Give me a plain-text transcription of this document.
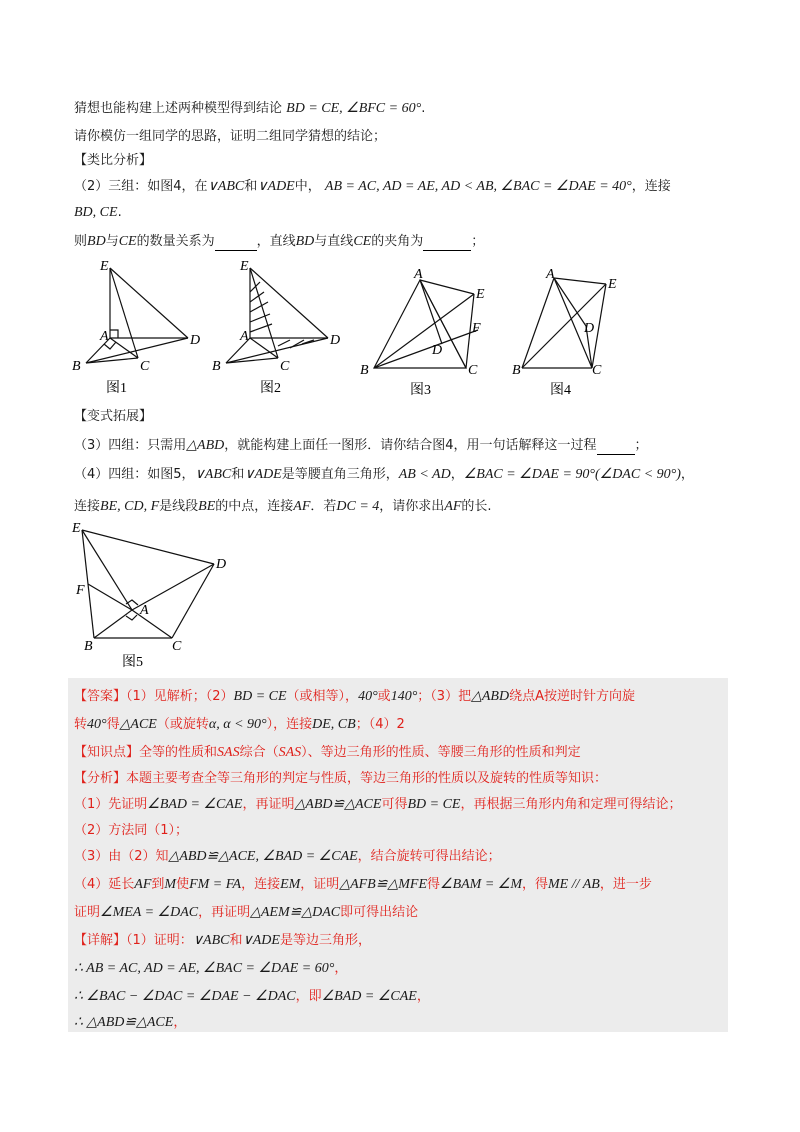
猜想也能构建上述两种模型得到结论 BD = CE, ∠BFC = 60°.
请你模仿一组同学的思路，证明二组同学猜想的结论；
【类比分析】
（2）三组：如图4，在∨ABC和∨ADE中， AB = AC, AD = AE, AD < AB, ∠BAC = ∠DAE = 40°，连接
BD, CE.
则BD与CE的数量关系为	，直线BD与直线CE的夹角为	；
E
A	D
B	C
图1
E
A	D
B	C
图2
A
E
F
D
B	C
图3
A
E
D
B	C
图4
【变式拓展】
（3）四组：只需用△ABD，就能构建上面任一图形．请你结合图4，用一句话解释这一过程	；
（4）四组：如图5，∨ABC和∨ADE是等腰直角三角形，AB < AD，∠BAC = ∠DAE = 90°(∠DAC < 90°)，
连接BE, CD, F是线段BE的中点，连接AF．若DC = 4，请你求出AF的长.
E
D
F
A
B	C
图5
【答案】（1）见解析；（2）BD = CE（或相等），40°或140°；（3）把△ABD绕点A按逆时针方向旋
转40°得△ACE（或旋转α, α < 90°），连接DE, CB；（4）2
【知识点】全等的性质和SAS综合（SAS）、等边三角形的性质、等腰三角形的性质和判定
【分析】本题主要考查全等三角形的判定与性质，等边三角形的性质以及旋转的性质等知识：
（1）先证明∠BAD = ∠CAE，再证明△ABD≌△ACE可得BD = CE，再根据三角形内角和定理可得结论；
（2）方法同（1）；
（3）由（2）知△ABD≌△ACE, ∠BAD = ∠CAE，结合旋转可得出结论；
（4）延长AF到M使FM = FA，连接EM，证明△AFB≌△MFE得∠BAM = ∠M，得ME // AB，进一步
证明∠MEA = ∠DAC，再证明△AEM≌△DAC即可得出结论
【详解】（1）证明：∨ABC和∨ADE是等边三角形，
∴ AB = AC, AD = AE, ∠BAC = ∠DAE = 60°，
∴ ∠BAC − ∠DAC = ∠DAE − ∠DAC，即∠BAD = ∠CAE，
∴ △ABD≌△ACE，
